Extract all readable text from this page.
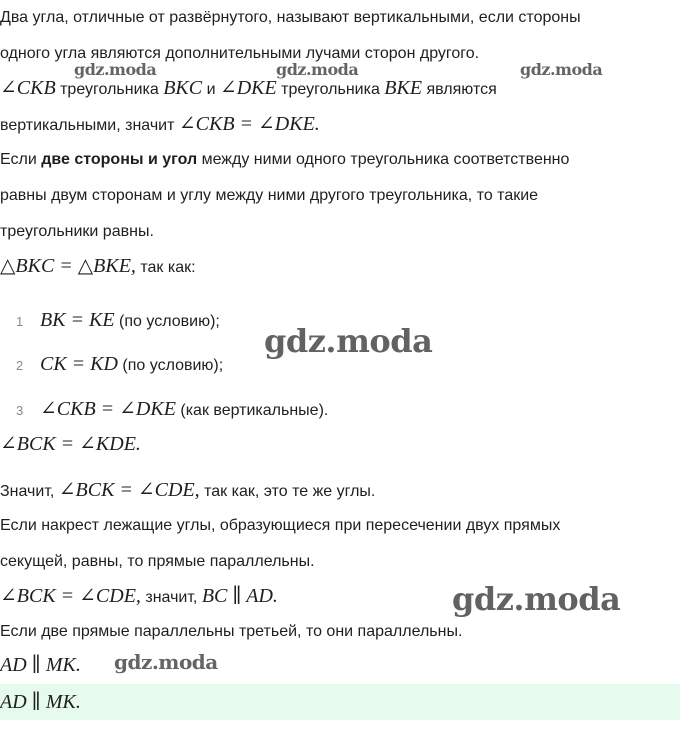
Два угла, отличные от развёрнутого, называют вертикальными, если стороны
одного угла являются дополнительными лучами сторон другого.
∠CKB треугольника BKC и ∠DKE треугольника BKE являются
вертикальными, значит ∠CKB = ∠DKE.
Если две стороны и угол между ними одного треугольника соответственно
равны двум сторонам и углу между ними другого треугольника, то такие
треугольники равны.
△BKC = △BKE, так как:
1 BK = KE (по условию);
2 CK = KD (по условию);
3 ∠CKB = ∠DKE (как вертикальные).
∠BCK = ∠KDE.
Значит, ∠BCK = ∠CDE, так как, это те же углы.
Если накрест лежащие углы, образующиеся при пересечении двух прямых
секущей, равны, то прямые параллельны.
∠BCK = ∠CDE, значит, BC ∥ AD.
Если две прямые параллельны третьей, то они параллельны.
AD ∥ MK.
AD ∥ MK.
gdz.moda	gdz.moda	gdz.moda
gdz.moda
gdz.moda
gdz.moda
